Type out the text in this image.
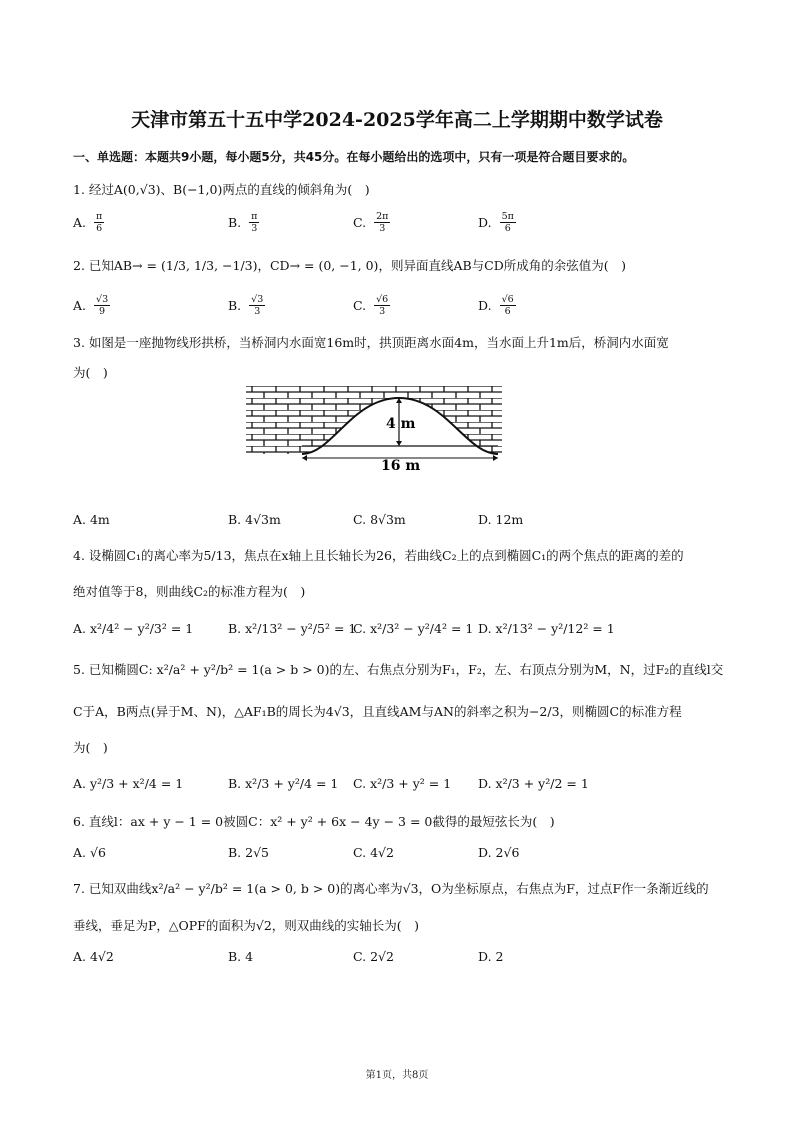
天津市第五十五中学2024-2025学年高二上学期期中数学试卷
一、单选题：本题共9小题，每小题5分，共45分。在每小题给出的选项中，只有一项是符合题目要求的。
1. 经过A(0,√3)、B(−1,0)两点的直线的倾斜角为(　)
A. $\frac{\pi}{6}$	B. $\frac{\pi}{3}$	C. $\frac{2\pi}{3}$	D. $\frac{5\pi}{6}$
2. 已知AB→ = (1/3, 1/3, −1/3)，CD→ = (0, −1, 0)，则异面直线AB与CD所成角的余弦值为(　)
A. $\frac{√3}{9}$	B. $\frac{√3}{3}$	C. $\frac{√6}{3}$	D. $\frac{√6}{6}$
3. 如图是一座抛物线形拱桥，当桥洞内水面宽16m时，拱顶距离水面4m，当水面上升1m后，桥洞内水面宽
为(　)
4 m
16 m
A. 4m	B. 4√3m	C. 8√3m	D. 12m
4. 设椭圆C₁的离心率为5/13，焦点在x轴上且长轴长为26，若曲线C₂上的点到椭圆C₁的两个焦点的距离的差的
绝对值等于8，则曲线C₂的标准方程为(　)
A. x²/4² − y²/3² = 1	B. x²/13² − y²/5² = 1
C. x²/3² − y²/4² = 1 D. x²/13² − y²/12² = 1
5. 已知椭圆C: x²/a² + y²/b² = 1(a > b > 0)的左、右焦点分别为F₁，F₂，左、右顶点分别为M，N，过F₂的直线l交
C于A，B两点(异于M、N)，△AF₁B的周长为4√3，且直线AM与AN的斜率之积为−2/3，则椭圆C的标准方程
为(　)
A. y²/3 + x²/4 = 1	B. x²/3 + y²/4 = 1 C. x²/3 + y² = 1 D. x²/3 + y²/2 = 1
6. 直线l：ax + y − 1 = 0被圆C：x² + y² + 6x − 4y − 3 = 0截得的最短弦长为(　)
A. √6	B. 2√5	C. 4√2	D. 2√6
7. 已知双曲线x²/a² − y²/b² = 1(a > 0, b > 0)的离心率为√3，O为坐标原点，右焦点为F，过点F作一条渐近线的
垂线，垂足为P，△OPF的面积为√2，则双曲线的实轴长为(　)
A. 4√2	B. 4	C. 2√2	D. 2
第1页，共8页
